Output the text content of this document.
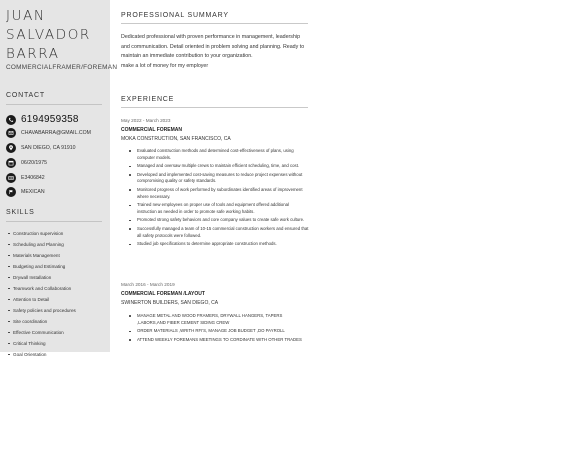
JUAN
SALVADOR
BARRA
COMMERCIALFRAMER/FOREMAN
CONTACT
6194959358
CHAVABARRA@GMAIL.COM
SAN DIEGO, CA 91910
06/20/1975
E3406842
MEXICAN
SKILLS
Construction supervision
Scheduling and Planning
Materials Management
Budgeting and Estimating
Drywall Installation
Teamwork and Collaboration
Attention to Detail
Safety policies and procedures
Site coordination
Effective Communication
Critical Thinking
Goal Orientation
PROFESSIONAL SUMMARY

Dedicated professional with proven performance in management, leadership and communication. Detail oriented in problem solving and planning. Ready to maintain an immediate contribution to your organization.

make a lot of money for my employer

EXPERIENCE
May 2022 - March 2023
COMMERCIAL FOREMAN
MOKA CONSTRUCTION, SAN FRANCISCO, CA
Evaluated construction methods and determined cost-effectiveness of plans, using computer models.
Managed and oversaw multiple crews to maintain efficient scheduling, time, and cost.
Developed and implemented cost-saving measures to reduce project expenses without compromising quality or safety standards.
Monitored progress of work performed by subordinates identified areas of improvement where necessary.
Trained new employees on proper use of tools and equipment offered additional instruction as needed in order to promote safe working habits.
Promoted strong safety behaviors and core company values to create safe work culture.
Successfully managed a team of 10-15 commercial construction workers and ensured that all safety protocols were followed.
Studied job specifications to determine appropriate construction methods.
March 2016 - March 2019
COMMERCIAL FOREMAN /LAYOUT
SWINERTON BUILDERS, SAN DIEGO, CA
MANAGE METAL AND WOOD FRAMERS, DRYWALL HANGERS, TAPERS ,LABORS,AND FIBER CEMENT SIDING CREW
ORDER MATERIALS ,WRITH RFI'S, MANAGE JOB BUDGET ,DO PAYROLL
ATTEND WEEKLY FOREMANS MEETINGS TO CORDINATE WITH OTHER TRADES
